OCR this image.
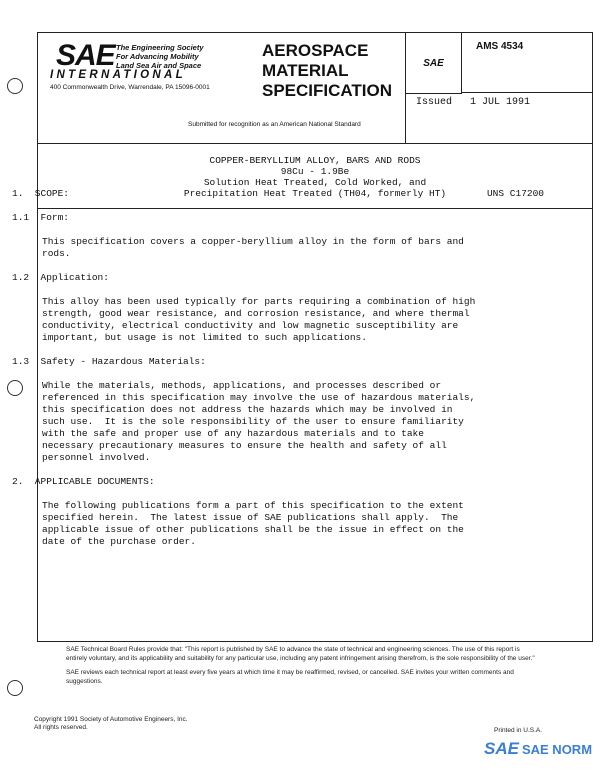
SAE The Engineering Society
For Advancing Mobility
Land Sea Air and Space
INTERNATIONAL
400 Commonwealth Drive, Warrendale, PA 15096-0001
AEROSPACE
MATERIAL
SPECIFICATION
Submitted for recognition as an American National Standard
SAE
AMS 4534
Issued   1 JUL 1991
COPPER-BERYLLIUM ALLOY, BARS AND RODS
98Cu - 1.9Be
Solution Heat Treated, Cold Worked, and
Precipitation Heat Treated (TH04, formerly HT)	UNS C17200

1.  SCOPE:

1.1  Form:

This specification covers a copper-beryllium alloy in the form of bars and
rods.

1.2  Application:

This alloy has been used typically for parts requiring a combination of high
strength, good wear resistance, and corrosion resistance, and where thermal
conductivity, electrical conductivity and low magnetic susceptibility are
important, but usage is not limited to such applications.

1.3  Safety - Hazardous Materials:

While the materials, methods, applications, and processes described or
referenced in this specification may involve the use of hazardous materials,
this specification does not address the hazards which may be involved in
such use.  It is the sole responsibility of the user to ensure familiarity
with the safe and proper use of any hazardous materials and to take
necessary precautionary measures to ensure the health and safety of all
personnel involved.

2.  APPLICABLE DOCUMENTS:

The following publications form a part of this specification to the extent
specified herein.  The latest issue of SAE publications shall apply.  The
applicable issue of other publications shall be the issue in effect on the
date of the purchase order.

SAE Technical Board Rules provide that: "This report is published by SAE to advance the state of technical and engineering sciences. The use of this report is entirely voluntary, and its applicability and suitability for any particular use, including any patent infringement arising therefrom, is the sole responsibility of the user."

SAE reviews each technical report at least every five years at which time it may be reaffirmed, revised, or cancelled. SAE invites your written comments and suggestions.

Copyright 1991 Society of Automotive Engineers, Inc.
All rights reserved.	Printed in U.S.A.
SAE SAE NORM
